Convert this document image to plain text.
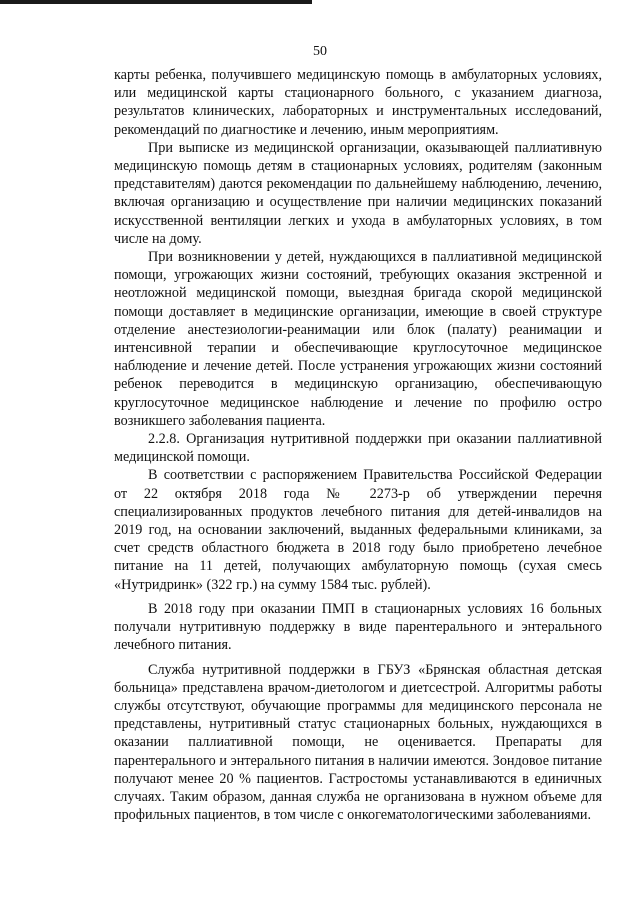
50

карты ребенка, получившего медицинскую помощь в амбулаторных условиях, или медицинской карты стационарного больного, с указанием диагноза, результатов клинических, лабораторных и инструментальных исследований, рекомендаций по диагностике и лечению, иным мероприятиям.

При выписке из медицинской организации, оказывающей паллиативную медицинскую помощь детям в стационарных условиях, родителям (законным представителям) даются рекомендации по дальнейшему наблюдению, лечению, включая организацию и осуществление при наличии медицинских показаний искусственной вентиляции легких и ухода в амбулаторных условиях, в том числе на дому.

При возникновении у детей, нуждающихся в паллиативной медицинской помощи, угрожающих жизни состояний, требующих оказания экстренной и неотложной медицинской помощи, выездная бригада скорой медицинской помощи доставляет в медицинские организации, имеющие в своей структуре отделение анестезиологии-реанимации или блок (палату) реанимации и интенсивной терапии и обеспечивающие круглосуточное медицинское наблюдение и лечение детей. После устранения угрожающих жизни состояний ребенок переводится в медицинскую организацию, обеспечивающую круглосуточное медицинское наблюдение и лечение по профилю остро возникшего заболевания пациента.

2.2.8. Организация нутритивной поддержки при оказании паллиативной медицинской помощи.

В соответствии с распоряжением Правительства Российской Федерации от 22 октября 2018 года № 2273-р об утверждении перечня специализированных продуктов лечебного питания для детей-инвалидов на 2019 год, на основании заключений, выданных федеральными клиниками, за счет средств областного бюджета в 2018 году было приобретено лечебное питание на 11 детей, получающих амбулаторную помощь (сухая смесь «Нутридринк» (322 гр.) на сумму 1584 тыс. рублей).

В 2018 году при оказании ПМП в стационарных условиях 16 больных получали нутритивную поддержку в виде парентерального и энтерального лечебного питания.

Служба нутритивной поддержки в ГБУЗ «Брянская областная детская больница» представлена врачом-диетологом и диетсестрой. Алгоритмы работы службы отсутствуют, обучающие программы для медицинского персонала не представлены, нутритивный статус стационарных больных, нуждающихся в оказании паллиативной помощи, не оценивается. Препараты для парентерального и энтерального питания в наличии имеются. Зондовое питание получают менее 20 % пациентов. Гастростомы устанавливаются в единичных случаях. Таким образом, данная служба не организована в нужном объеме для профильных пациентов, в том числе с онкогематологическими заболеваниями.
